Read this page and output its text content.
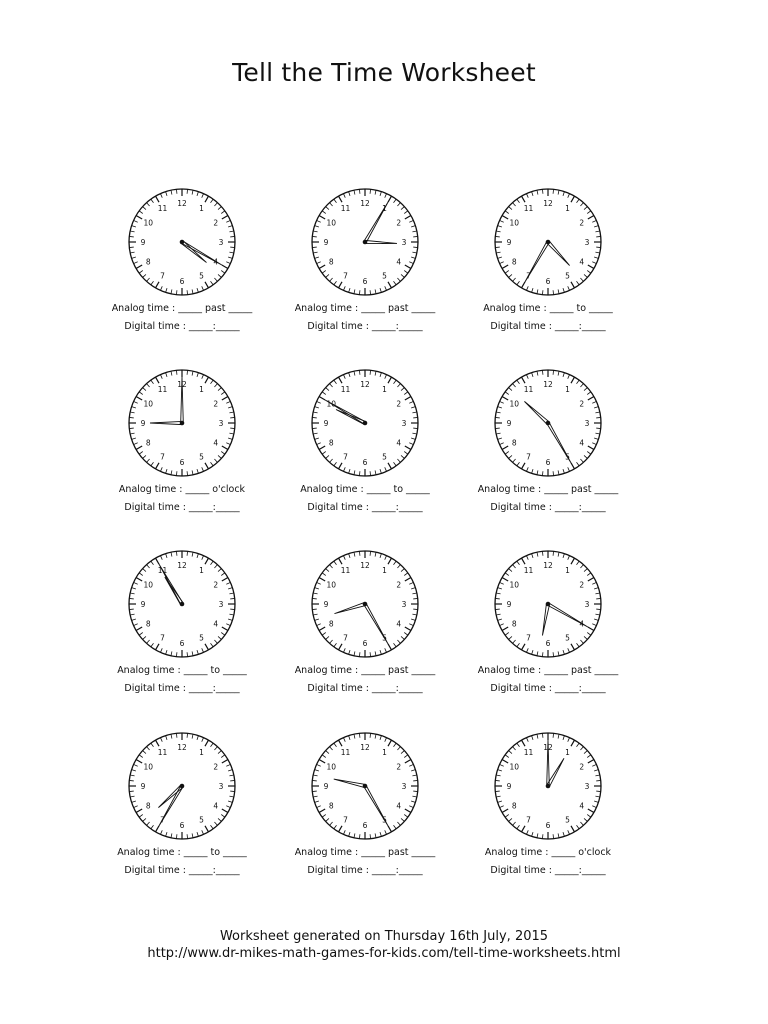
Tell the Time Worksheet
12
1
2
3
4
5
6
7
8
9
10
11
Analog time : _____ past _____
Digital time : _____:_____
12
1
2
3
4
5
6
7
8
9
10
11
Analog time : _____ past _____
Digital time : _____:_____
12
1
2
3
4
5
6
7
8
9
10
11
Analog time : _____ to _____
Digital time : _____:_____
12
1
2
3
4
5
6
7
8
9
10
11
Analog time : _____ o'clock
Digital time : _____:_____
12
1
2
3
4
5
6
7
8
9
10
11
Analog time : _____ to _____
Digital time : _____:_____
12
1
2
3
4
5
6
7
8
9
10
11
Analog time : _____ past _____
Digital time : _____:_____
12
1
2
3
4
5
6
7
8
9
10
11
Analog time : _____ to _____
Digital time : _____:_____
12
1
2
3
4
5
6
7
8
9
10
11
Analog time : _____ past _____
Digital time : _____:_____
12
1
2
3
4
5
6
7
8
9
10
11
Analog time : _____ past _____
Digital time : _____:_____
12
1
2
3
4
5
6
7
8
9
10
11
Analog time : _____ to _____
Digital time : _____:_____
12
1
2
3
4
5
6
7
8
9
10
11
Analog time : _____ past _____
Digital time : _____:_____
12
1
2
3
4
5
6
7
8
9
10
11
Analog time : _____ o'clock
Digital time : _____:_____
Worksheet generated on Thursday 16th July, 2015
http://www.dr-mikes-math-games-for-kids.com/tell-time-worksheets.html
